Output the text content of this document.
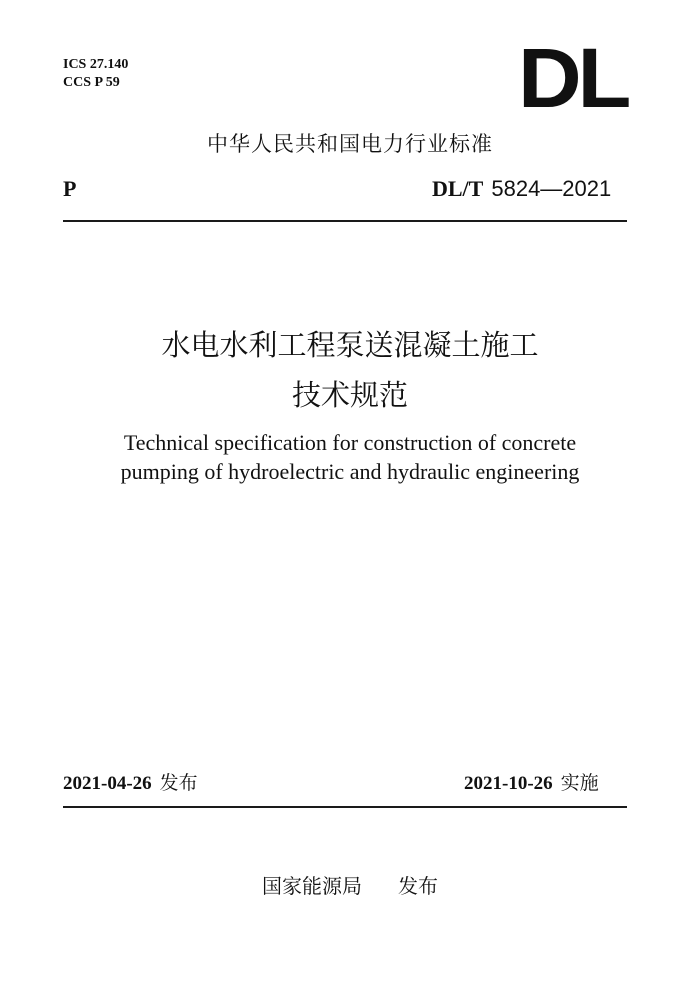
ICS 27.140
CCS P 59	DL
中华人民共和国电力行业标准
P	DL/T 5824—2021
水电水利工程泵送混凝土施工
技术规范
Technical specification for construction of concrete
pumping of hydroelectric and hydraulic engineering
2021-04-26 发布	2021-10-26 实施
国家能源局 发布
